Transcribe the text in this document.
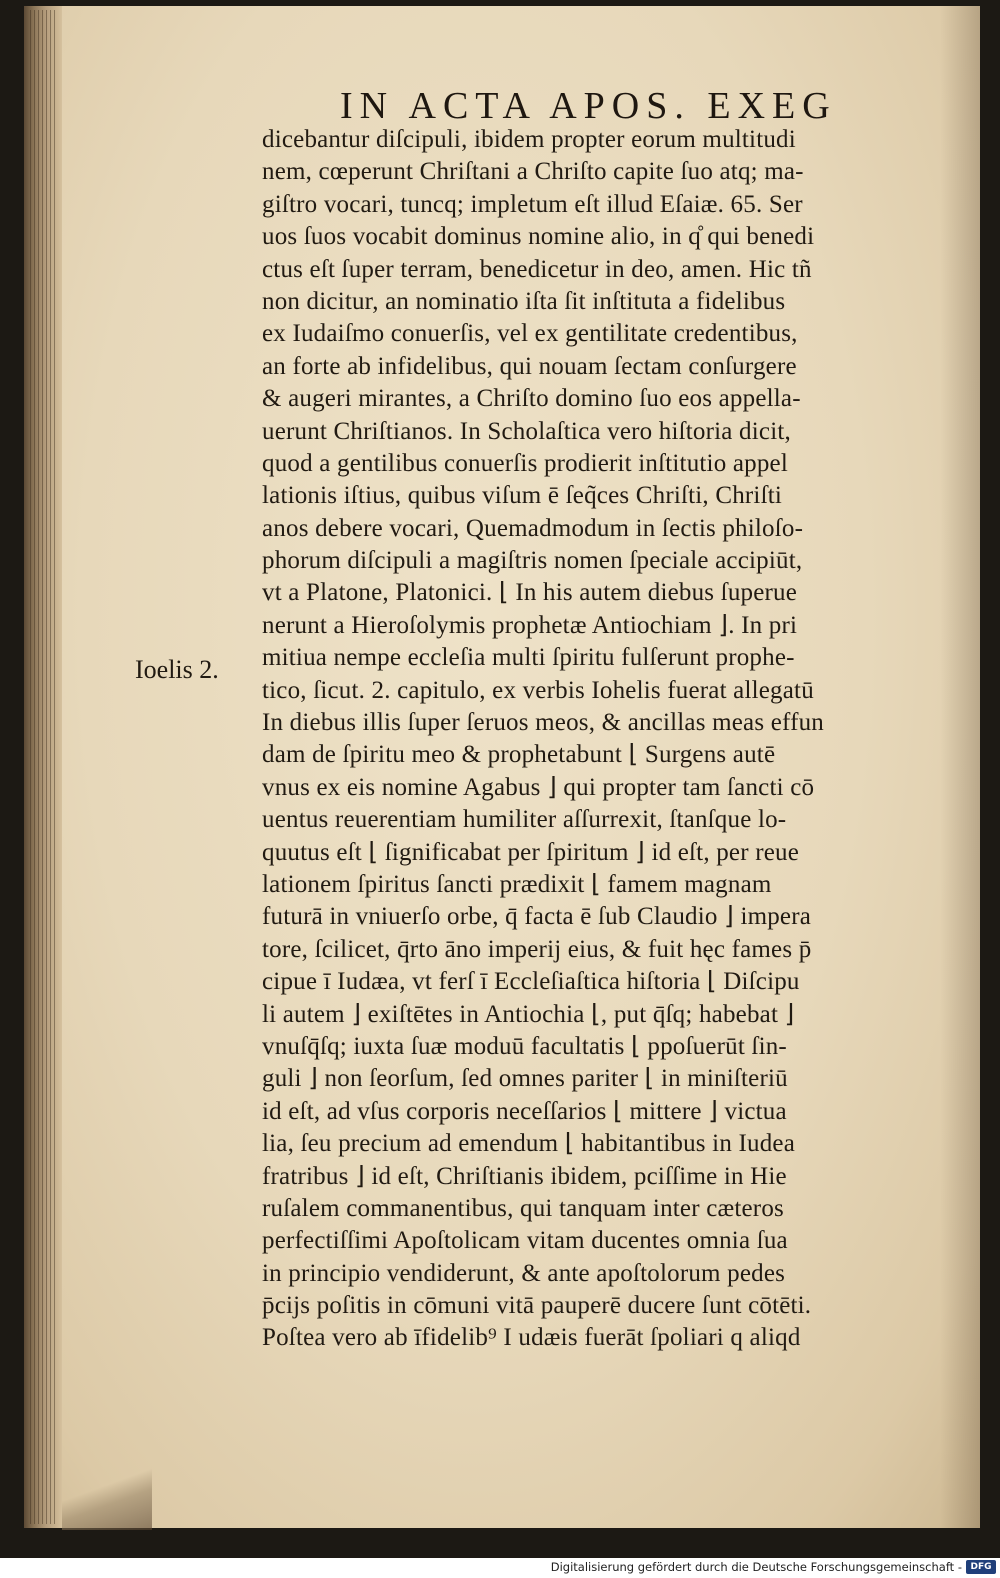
IN ACTA APOS. EXEG
Ioelis 2.
dicebantur diſcipuli, ibidem propter eorum multitudi
nem, cœperunt Chriſtani a Chriſto capite ſuo atq; ma-
giſtro vocari, tuncq; impletum eſt illud Eſaiæ. 65. Ser
uos ſuos vocabit dominus nomine alio, in q̊ qui benedi
ctus eſt ſuper terram, benedicetur in deo, amen. Hic tñ
non dicitur, an nominatio iſta ſit inſtituta a fidelibus
ex Iudaiſmo conuerſis, vel ex gentilitate credentibus,
an forte ab infidelibus, qui nouam ſectam conſurgere
& augeri mirantes, a Chriſto domino ſuo eos appella-
uerunt Chriſtianos. In Scholaſtica vero hiſtoria dicit,
quod a gentilibus conuerſis prodierit inſtitutio appel
lationis iſtius, quibus viſum ē ſeq̃ces Chriſti, Chriſti
anos debere vocari, Quemadmodum in ſectis philoſo-
phorum diſcipuli a magiſtris nomen ſpeciale accipiūt,
vt a Platone, Platonici. ⌊ In his autem diebus ſuperue
nerunt a Hieroſolymis prophetæ Antiochiam ⌋. In pri
mitiua nempe eccleſia multi ſpiritu fulſerunt prophe-
tico, ſicut. 2. capitulo, ex verbis Iohelis fuerat allegatū
In diebus illis ſuper ſeruos meos, & ancillas meas effun
dam de ſpiritu meo & prophetabunt ⌊ Surgens autē
vnus ex eis nomine Agabus ⌋ qui propter tam ſancti cō
uentus reuerentiam humiliter aſſurrexit, ſtanſque lo-
quutus eſt ⌊ ſignificabat per ſpiritum ⌋ id eſt, per reue
lationem ſpiritus ſancti prædixit ⌊ famem magnam
futurā in vniuerſo orbe, q̄ facta ē ſub Claudio ⌋ impera
tore, ſcilicet, q̄rto āno imperij eius, & fuit hęc fames p̄
cipue ī Iudæa, vt ferſ ī Eccleſiaſtica hiſtoria ⌊ Diſcipu
li autem ⌋ exiſtētes in Antiochia ⌊, put q̄ſq; habebat ⌋
vnuſq̄ſq; iuxta ſuæ moduū facultatis ⌊ ppoſuerūt ſin-
guli ⌋ non ſeorſum, ſed omnes pariter ⌊ in miniſteriū
id eſt, ad vſus corporis neceſſarios ⌊ mittere ⌋ victua
lia, ſeu precium ad emendum ⌊ habitantibus in Iudea
fratribus ⌋ id eſt, Chriſtianis ibidem, pciſſime in Hie
ruſalem commanentibus, qui tanquam inter cæteros
perfectiſſimi Apoſtolicam vitam ducentes omnia ſua
in principio vendiderunt, & ante apoſtolorum pedes
p̄cijs poſitis in cōmuni vitā pauperē ducere ſunt cōtēti.
Poſtea vero ab īfidelib⁹ I udæis fuerāt ſpoliari q aliqd
Digitalisierung gefördert durch die Deutsche Forschungsgemeinschaft - DFG
